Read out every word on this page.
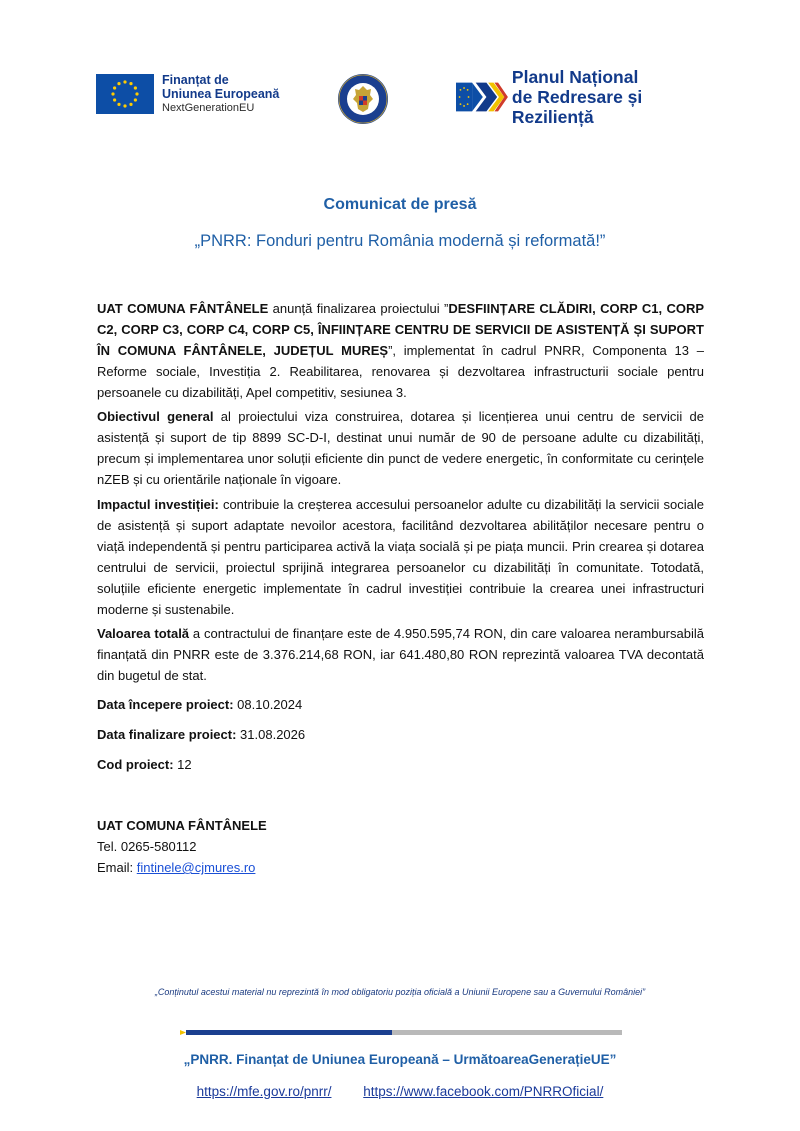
Finanțat de
Uniunea Europeană
NextGenerationEU
Planul Național
de Redresare și Reziliență
Comunicat de presă
„PNRR: Fonduri pentru România modernă și reformată!”
UAT COMUNA FÂNTÂNELE anunță finalizarea proiectului ”DESFIINȚARE CLĂDIRI, CORP C1, CORP C2, CORP C3, CORP C4, CORP C5, ÎNFIINȚARE CENTRU DE SERVICII DE ASISTENȚĂ ȘI SUPORT ÎN COMUNA FÂNTÂNELE, JUDEȚUL MUREȘ”, implementat în cadrul PNRR, Componenta 13 – Reforme sociale, Investiția 2. Reabilitarea, renovarea și dezvoltarea infrastructurii sociale pentru persoanele cu dizabilități, Apel competitiv, sesiunea 3.
Obiectivul general al proiectului viza construirea, dotarea și licențierea unui centru de servicii de asistență și suport de tip 8899 SC-D-I, destinat unui număr de 90 de persoane adulte cu dizabilități, precum și implementarea unor soluții eficiente din punct de vedere energetic, în conformitate cu cerințele nZEB și cu orientările naționale în vigoare.
Impactul investiției: contribuie la creșterea accesului persoanelor adulte cu dizabilități la servicii sociale de asistență și suport adaptate nevoilor acestora, facilitând dezvoltarea abilităților necesare pentru o viață independentă și pentru participarea activă la viața socială și pe piața muncii. Prin crearea și dotarea centrului de servicii, proiectul sprijină integrarea persoanelor cu dizabilități în comunitate. Totodată, soluțiile eficiente energetic implementate în cadrul investiției contribuie la crearea unei infrastructuri moderne și sustenabile.
Valoarea totală a contractului de finanțare este de 4.950.595,74 RON, din care valoarea nerambursabilă finanțată din PNRR este de 3.376.214,68 RON, iar 641.480,80 RON reprezintă valoarea TVA decontată din bugetul de stat.
Data începere proiect: 08.10.2024
Data finalizare proiect: 31.08.2026
Cod proiect: 12
UAT COMUNA FÂNTÂNELE
Tel. 0265-580112
Email: fintinele@cjmures.ro
„Conținutul acestui material nu reprezintă în mod obligatoriu poziția oficială a Uniunii Europene sau a Guvernului României”
„PNRR. Finanțat de Uniunea Europeană – UrmătoareaGenerațieUE”
https://mfe.gov.ro/pnrr/ https://www.facebook.com/PNRROficial/
